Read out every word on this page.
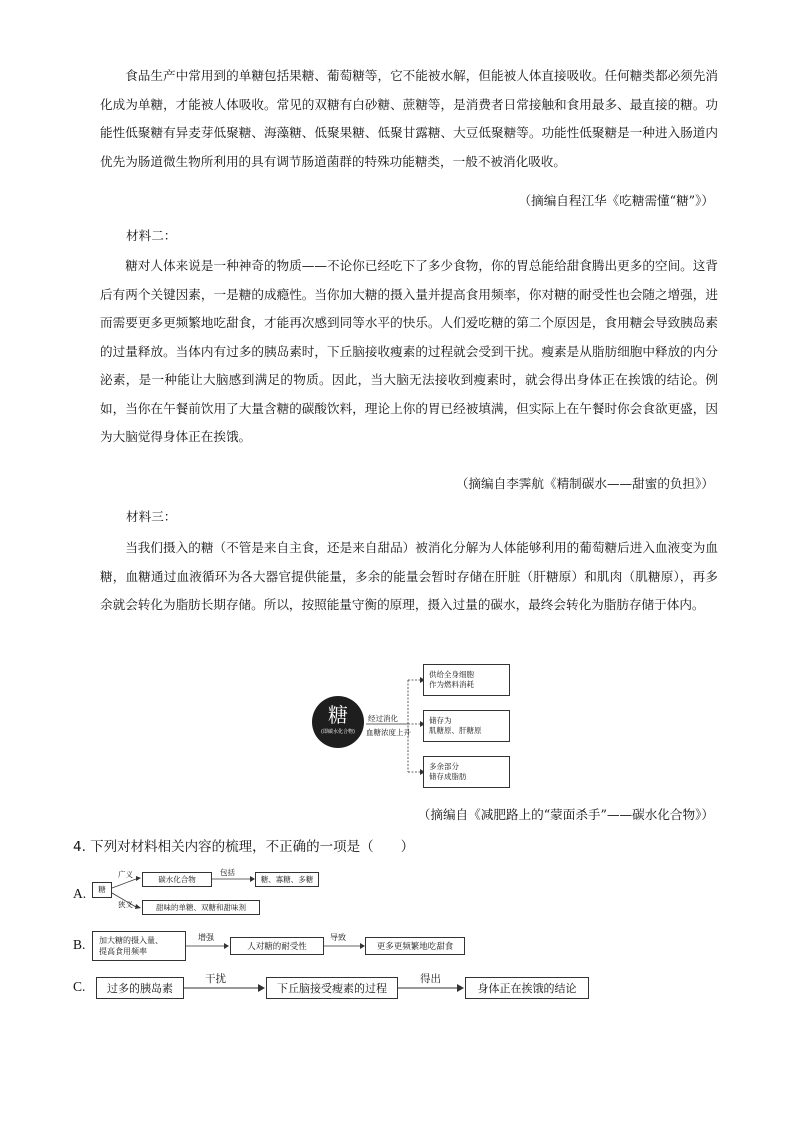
食品生产中常用到的单糖包括果糖、葡萄糖等，它不能被水解，但能被人体直接吸收。任何糖类都必须先消化成为单糖，才能被人体吸收。常见的双糖有白砂糖、蔗糖等，是消费者日常接触和食用最多、最直接的糖。功能性低聚糖有异麦芽低聚糖、海藻糖、低聚果糖、低聚甘露糖、大豆低聚糖等。功能性低聚糖是一种进入肠道内优先为肠道微生物所利用的具有调节肠道菌群的特殊功能糖类，一般不被消化吸收。

（摘编自程江华《吃糖需懂“糖”》）

材料二：

糖对人体来说是一种神奇的物质——不论你已经吃下了多少食物，你的胃总能给甜食腾出更多的空间。这背后有两个关键因素，一是糖的成瘾性。当你加大糖的摄入量并提高食用频率，你对糖的耐受性也会随之增强，进而需要更多更频繁地吃甜食，才能再次感到同等水平的快乐。人们爱吃糖的第二个原因是，食用糖会导致胰岛素的过量释放。当体内有过多的胰岛素时，下丘脑接收瘦素的过程就会受到干扰。瘦素是从脂肪细胞中释放的内分泌素，是一种能让大脑感到满足的物质。因此，当大脑无法接收到瘦素时，就会得出身体正在挨饿的结论。例如，当你在午餐前饮用了大量含糖的碳酸饮料，理论上你的胃已经被填满，但实际上在午餐时你会食欲更盛，因为大脑觉得身体正在挨饿。

（摘编自李霁航《精制碳水——甜蜜的负担》）

材料三：

当我们摄入的糖（不管是来自主食，还是来自甜品）被消化分解为人体能够利用的葡萄糖后进入血液变为血糖，血糖通过血液循环为各大器官提供能量，多余的能量会暂时存储在肝脏（肝糖原）和肌肉（肌糖原），再多余就会转化为脂肪长期存储。所以，按照能量守衡的原理，摄入过量的碳水，最终会转化为脂肪存储于体内。

糖
(即碳水化合物)
经过消化
血糖浓度上升
供给全身细胞
作为燃料消耗
储存为
肌糖原、肝糖原
多余部分
储存成脂肪

（摘编自《减肥路上的“蒙面杀手”——碳水化合物》）

4. 下列对材料相关内容的梳理，不正确的一项是（　　）

A. 糖
广义
狭义
碳水化合物
包括
糖、寡糖、多糖
甜味的单糖、双糖和甜味剂
B. 加大糖的摄入量、
提高食用频率
增强
人对糖的耐受性
导致
更多更频繁地吃甜食
C. 过多的胰岛素
干扰
下丘脑接受瘦素的过程
得出
身体正在挨饿的结论
